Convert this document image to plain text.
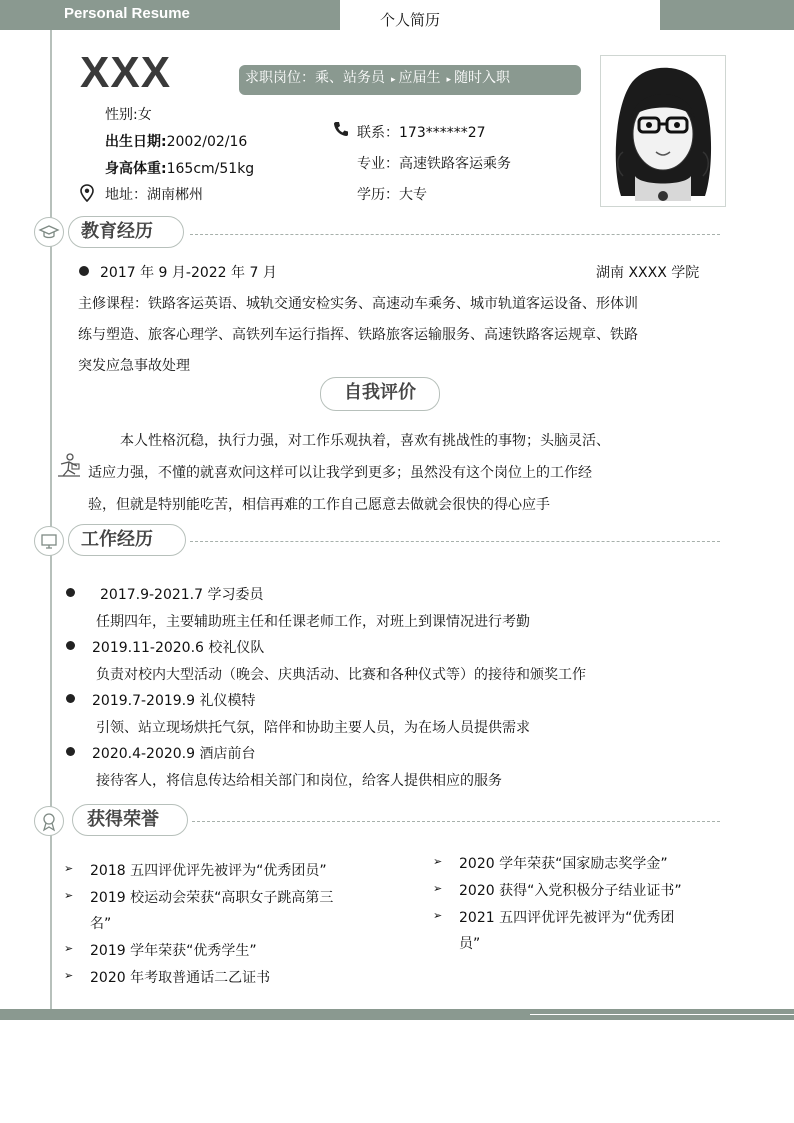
Personal Resume	个人简历
XXX	求职岗位：乘、站务员 ▸ 应届生 ▸ 随时入职
性别:女
出生日期:2002/02/16
身高体重:165cm/51kg
地址：湖南郴州
联系：173******27
专业：高速铁路客运乘务
学历：大专
教育经历
2017 年 9 月-2022 年 7 月	湖南 XXXX 学院
主修课程：铁路客运英语、城轨交通安检实务、高速动车乘务、城市轨道客运设备、形体训
练与塑造、旅客心理学、高铁列车运行指挥、铁路旅客运输服务、高速铁路客运规章、铁路
突发应急事故处理
自我评价
本人性格沉稳，执行力强，对工作乐观执着，喜欢有挑战性的事物；头脑灵活、
适应力强，不懂的就喜欢问这样可以让我学到更多；虽然没有这个岗位上的工作经
验，但就是特别能吃苦，相信再难的工作自己愿意去做就会很快的得心应手
工作经历
2017.9-2021.7 学习委员
任期四年，主要辅助班主任和任课老师工作，对班上到课情况进行考勤
2019.11-2020.6 校礼仪队
负责对校内大型活动（晚会、庆典活动、比赛和各种仪式等）的接待和颁奖工作
2019.7-2019.9 礼仪模特
引领、站立现场烘托气氛，陪伴和协助主要人员，为在场人员提供需求
2020.4-2020.9 酒店前台
接待客人，将信息传达给相关部门和岗位，给客人提供相应的服务
获得荣誉
➢ 2018 五四评优评先被评为“优秀团员”
➢ 2019 校运动会荣获“高职女子跳高第三
名”
➢ 2019 学年荣获“优秀学生”
➢ 2020 年考取普通话二乙证书
➢ 2020 学年荣获“国家励志奖学金”
➢ 2020 获得“入党积极分子结业证书”
➢ 2021 五四评优评先被评为“优秀团
员”
